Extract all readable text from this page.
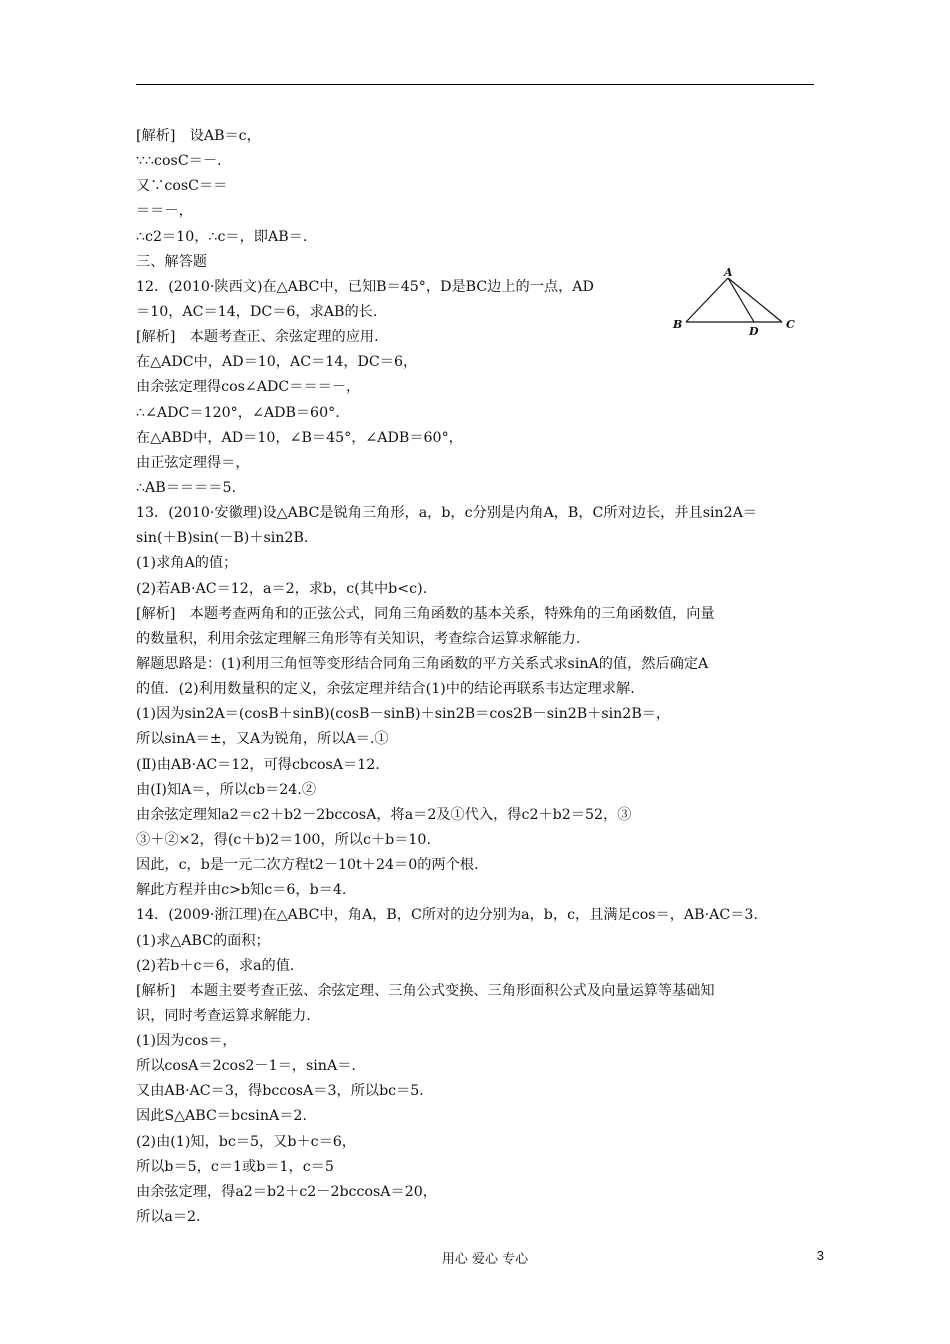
[解析]　设AB＝c，
∵∴cosC＝－.
又∵cosC＝＝
＝＝－，
∴c2＝10，∴c＝，即AB＝.
三、解答题
12．(2010·陕西文)在△ABC中，已知B＝45°，D是BC边上的一点，AD
＝10，AC＝14，DC＝6，求AB的长.
[解析]　本题考查正、余弦定理的应用.
在△ADC中，AD＝10，AC＝14，DC＝6，
由余弦定理得cos∠ADC＝＝＝－，
∴∠ADC＝120°，∠ADB＝60°.
在△ABD中，AD＝10，∠B＝45°，∠ADB＝60°，
由正弦定理得＝，
∴AB＝＝＝＝5.
13．(2010·安徽理)设△ABC是锐角三角形，a，b，c分别是内角A，B，C所对边长，并且sin2A＝
sin(＋B)sin(－B)＋sin2B.
(1)求角A的值；
(2)若AB·AC＝12，a＝2，求b，c(其中b<c).
[解析]　本题考查两角和的正弦公式，同角三角函数的基本关系，特殊角的三角函数值，向量
的数量积，利用余弦定理解三角形等有关知识，考查综合运算求解能力.
解题思路是：(1)利用三角恒等变形结合同角三角函数的平方关系式求sinA的值，然后确定A
的值．(2)利用数量积的定义，余弦定理并结合(1)中的结论再联系韦达定理求解.
(1)因为sin2A＝(cosB＋sinB)(cosB－sinB)＋sin2B＝cos2B－sin2B＋sin2B＝，
所以sinA＝±，又A为锐角，所以A＝.①
(Ⅱ)由AB·AC＝12，可得cbcosA＝12.
由(Ⅰ)知A＝，所以cb＝24.②
由余弦定理知a2＝c2＋b2－2bccosA，将a＝2及①代入，得c2＋b2＝52，③
③＋②×2，得(c＋b)2＝100，所以c＋b＝10.
因此，c，b是一元二次方程t2－10t＋24＝0的两个根.
解此方程并由c>b知c＝6，b＝4.
14．(2009·浙江理)在△ABC中，角A，B，C所对的边分别为a，b，c，且满足cos＝，AB·AC＝3.
(1)求△ABC的面积；
(2)若b＋c＝6，求a的值.
[解析]　本题主要考查正弦、余弦定理、三角公式变换、三角形面积公式及向量运算等基础知
识，同时考查运算求解能力.
(1)因为cos＝，
所以cosA＝2cos2－1＝，sinA＝.
又由AB·AC＝3，得bccosA＝3，所以bc＝5.
因此S△ABC＝bcsinA＝2.
(2)由(1)知，bc＝5，又b＋c＝6，
所以b＝5，c＝1或b＝1，c＝5
由余弦定理，得a2＝b2＋c2－2bccosA＝20，
所以a＝2.
A
B	C
D
用心 爱心 专心	3
